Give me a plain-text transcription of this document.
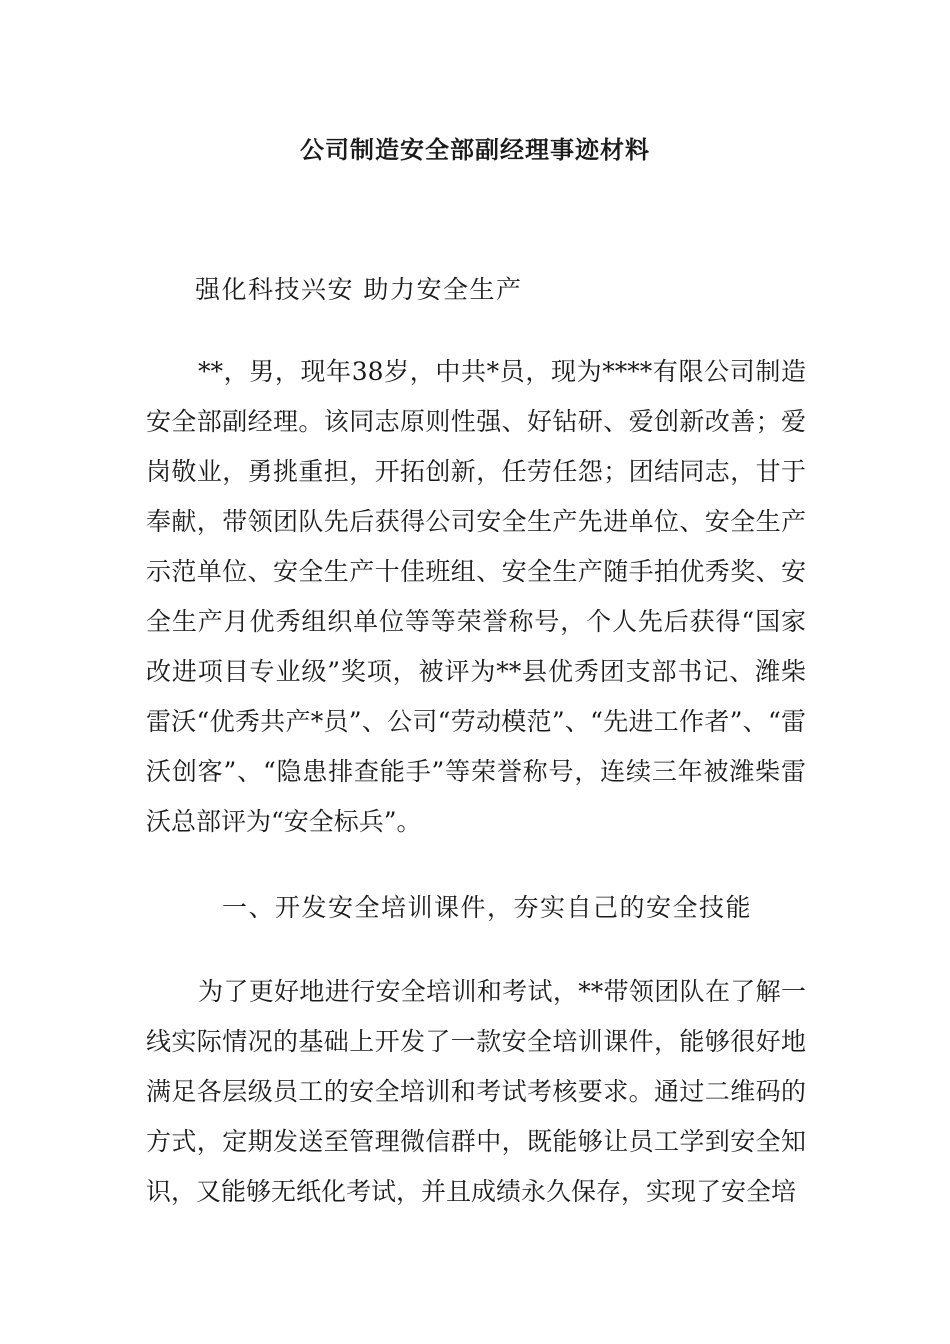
公司制造安全部副经理事迹材料
强化科技兴安 助力安全生产

**，男，现年38岁，中共*员，现为****有限公司制造安全部副经理。该同志原则性强、好钻研、爱创新改善；爱岗敬业，勇挑重担，开拓创新，任劳任怨；团结同志，甘于奉献，带领团队先后获得公司安全生产先进单位、安全生产示范单位、安全生产十佳班组、安全生产随手拍优秀奖、安全生产月优秀组织单位等等荣誉称号，个人先后获得“国家改进项目专业级”奖项，被评为**县优秀团支部书记、潍柴雷沃“优秀共产*员”、公司“劳动模范”、“先进工作者”、“雷沃创客”、“隐患排查能手”等荣誉称号，连续三年被潍柴雷沃总部评为“安全标兵”。

一、开发安全培训课件，夯实自己的安全技能

为了更好地进行安全培训和考试，**带领团队在了解一线实际情况的基础上开发了一款安全培训课件，能够很好地满足各层级员工的安全培训和考试考核要求。通过二维码的方式，定期发送至管理微信群中，既能够让员工学到安全知识，又能够无纸化考试，并且成绩永久保存，实现了安全培
